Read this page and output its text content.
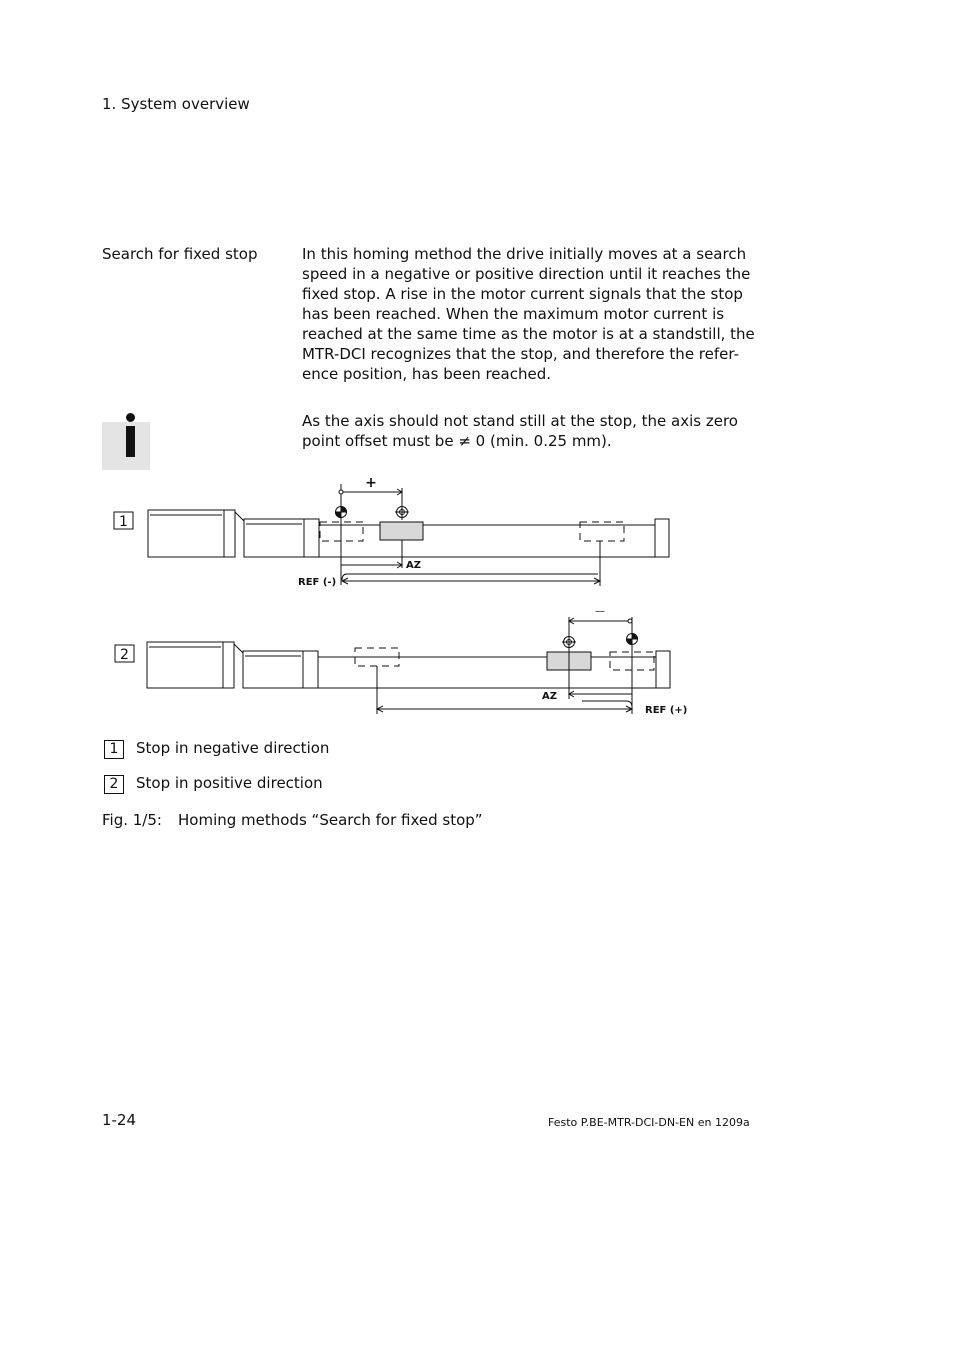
1. System overview
Search for fixed stop	In this homing method the drive initially moves at a search
speed in a negative or positive direction until it reaches the
fixed stop. A rise in the motor current signals that the stop
has been reached. When the maximum motor current is
reached at the same time as the motor is at a standstill, the
MTR-DCI recognizes that the stop, and therefore the refer-
ence position, has been reached.
As the axis should not stand still at the stop, the axis zero
point offset must be ≠ 0 (min. 0.25 mm).
1
+
AZ
REF (-)
2
—
AZ
REF (+)
1 Stop in negative direction
2 Stop in positive direction
Fig. 1/5: Homing methods “Search for fixed stop”
1-24	Festo P.BE-MTR-DCI-DN-EN en 1209a
